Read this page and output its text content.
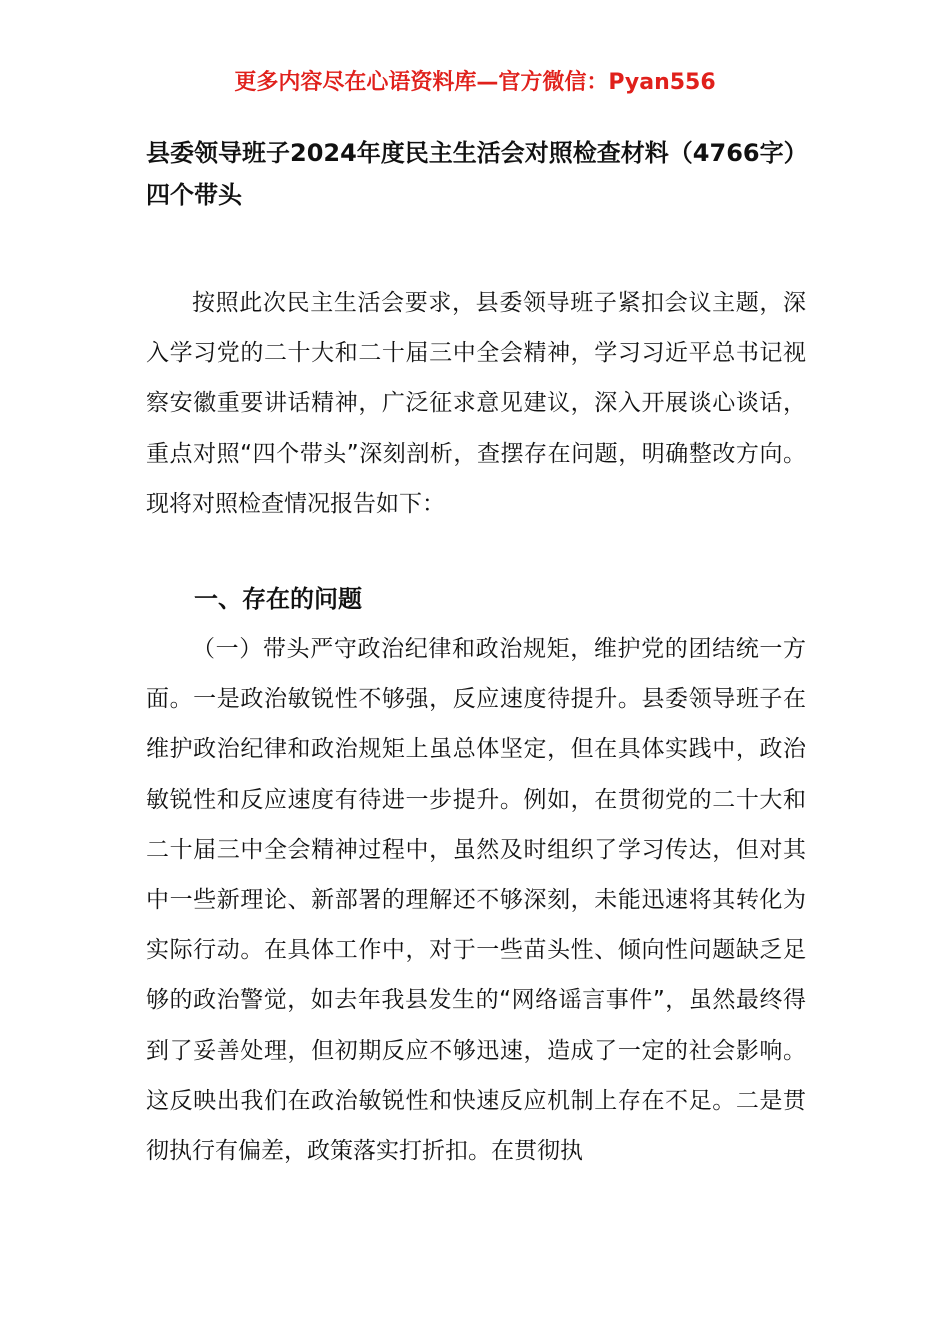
更多内容尽在心语资料库—官方微信：Pyan556
县委领导班子2024年度民主生活会对照检查材料（4766字）四个带头

按照此次民主生活会要求，县委领导班子紧扣会议主题，深入学习党的二十大和二十届三中全会精神，学习习近平总书记视察安徽重要讲话精神，广泛征求意见建议，深入开展谈心谈话，重点对照“四个带头”深刻剖析，查摆存在问题，明确整改方向。现将对照检查情况报告如下：

一、存在的问题

（一）带头严守政治纪律和政治规矩，维护党的团结统一方面。一是政治敏锐性不够强，反应速度待提升。县委领导班子在维护政治纪律和政治规矩上虽总体坚定，但在具体实践中，政治敏锐性和反应速度有待进一步提升。例如，在贯彻党的二十大和二十届三中全会精神过程中，虽然及时组织了学习传达，但对其中一些新理论、新部署的理解还不够深刻，未能迅速将其转化为实际行动。在具体工作中，对于一些苗头性、倾向性问题缺乏足够的政治警觉，如去年我县发生的“网络谣言事件”，虽然最终得到了妥善处理，但初期反应不够迅速，造成了一定的社会影响。这反映出我们在政治敏锐性和快速反应机制上存在不足。二是贯彻执行有偏差，政策落实打折扣。在贯彻执
